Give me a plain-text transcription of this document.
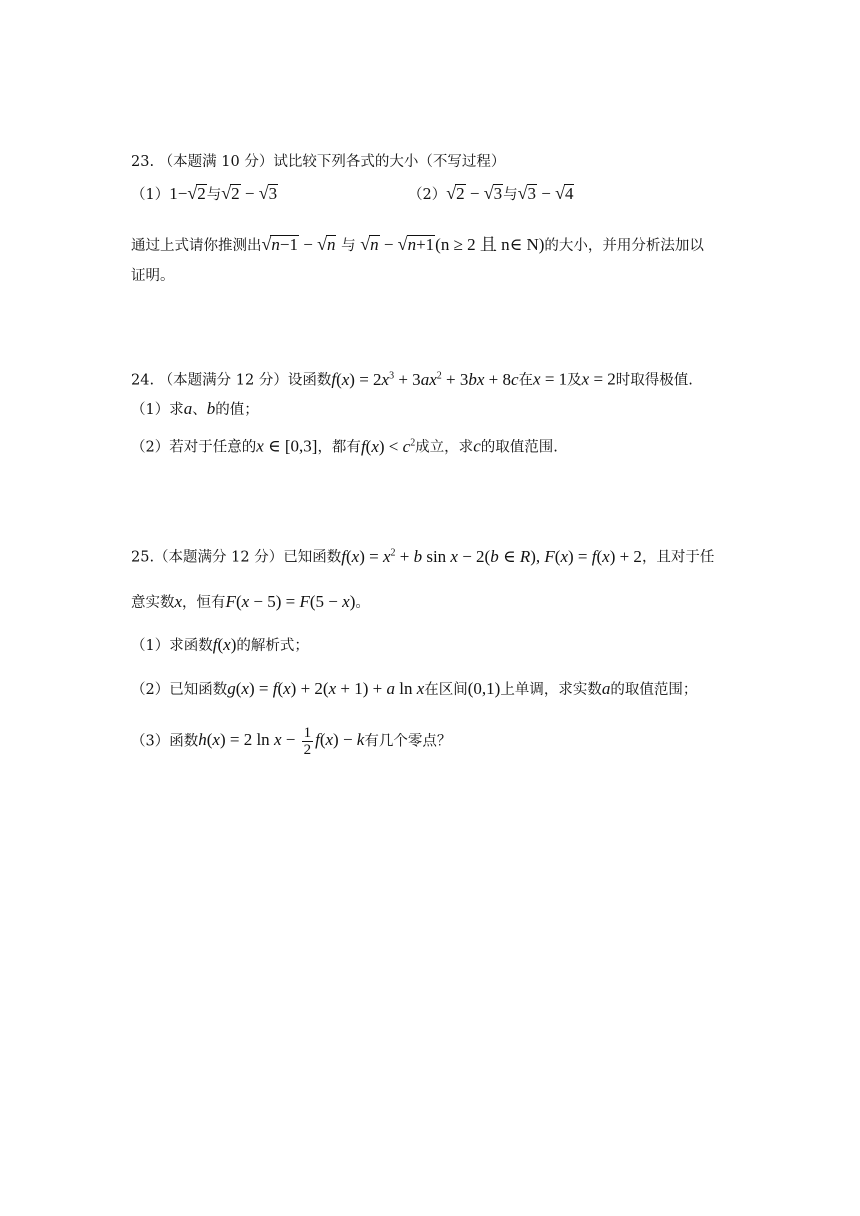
23. （本题满 10 分）试比较下列各式的大小（不写过程）
（1）1−√2与√2 − √3	（2）√2 − √3与√3 − √4
通过上式请你推测出√n−1 − √n 与 √n − √n+1(n ≥ 2 且 n∈ N)的大小，并用分析法加以
证明。
24. （本题满分 12 分）设函数$f(x) = 2x^3 + 3ax^2 + 3bx + 8c$在x = 1及x = 2时取得极值.
（1）求a、b的值；
（2）若对于任意的x ∈ [0,3]，都有$f(x) < c^2$成立，求c的取值范围.
25.（本题满分 12 分）已知函数$f(x) = x^2 + b$ sin x − 2(b ∈ R), F(x) = f(x) + 2，且对于任
意实数x，恒有F(x − 5) = F(5 − x)。
（1）求函数f(x)的解析式；
（2）已知函数g(x) = f(x) + 2(x + 1) + a ln x在区间(0,1)上单调，求实数a的取值范围；
（3）函数h(x) = 2 $\ln x - \frac{1}{2} f(x) - k$有几个零点？
